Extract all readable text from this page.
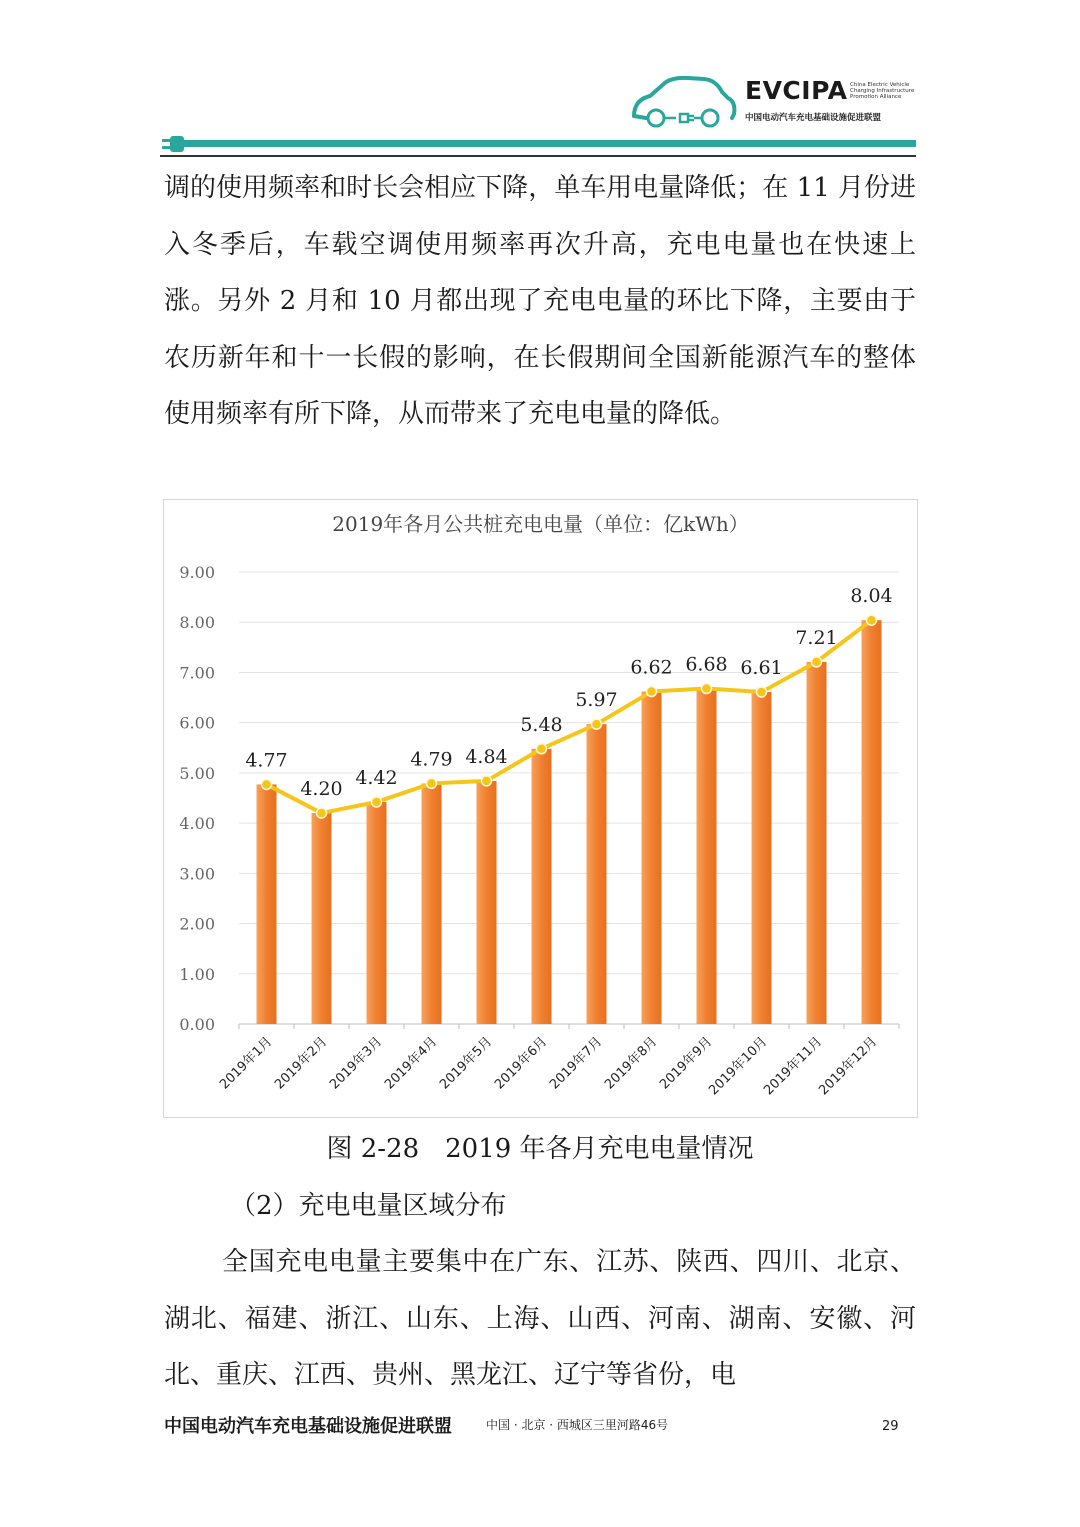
EVCIPA China Electric Vehicle Charging Infrastructure Promotion Alliance
中国电动汽车充电基础设施促进联盟

调的使用频率和时长会相应下降，单车用电量降低；在 11 月份进入冬季后，车载空调使用频率再次升高，充电电量也在快速上涨。另外 2 月和 10 月都出现了充电电量的环比下降，主要由于农历新年和十一长假的影响，在长假期间全国新能源汽车的整体使用频率有所下降，从而带来了充电电量的降低。

2019年各月公共桩充电电量（单位：亿kWh）
0.00
1.00
2.00
3.00
4.00
5.00
6.00
7.00
8.00
9.00
4.77
4.20
4.42
4.79 4.84
5.48
5.97
6.62 6.68 6.61
7.21
8.04
2019年1月
2019年2月
2019年3月
2019年4月
2019年5月
2019年6月
2019年7月
2019年8月
2019年9月
2019年10月
2019年11月
2019年12月
图 2-28　2019 年各月充电电量情况

（2）充电电量区域分布

全国充电电量主要集中在广东、江苏、陕西、四川、北京、湖北、福建、浙江、山东、上海、山西、河南、湖南、安徽、河北、重庆、江西、贵州、黑龙江、辽宁等省份，电

中国电动汽车充电基础设施促进联盟	中国 · 北京 · 西城区三里河路46号	29
